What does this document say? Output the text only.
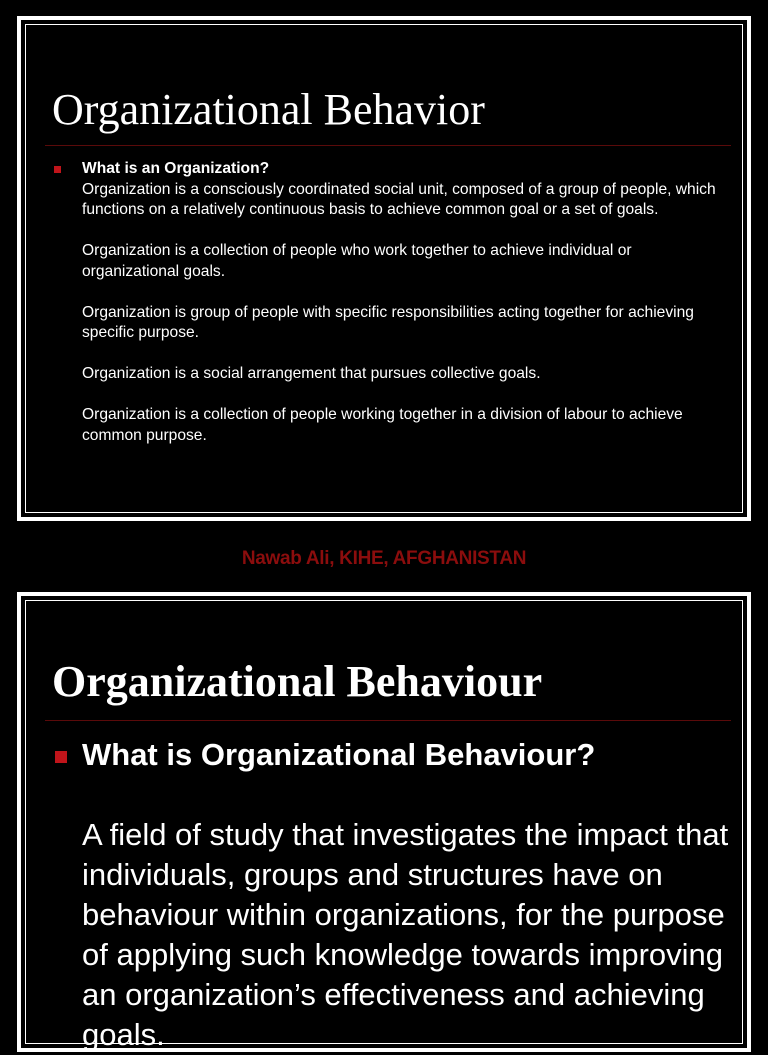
Organizational Behavior

What is an Organization?

Organization is a consciously coordinated social unit, composed of a group of people, which functions on a relatively continuous basis to achieve common goal or a set of goals.

Organization is a collection of people who work together to achieve individual or organizational goals.

Organization is group of people with specific responsibilities acting together for achieving specific purpose.

Organization is a social arrangement that pursues collective goals.

Organization is a collection of people working together in a division of labour to achieve common purpose.

Nawab Ali, KIHE, AFGHANISTAN
Organizational Behaviour

What is Organizational Behaviour?

A field of study that investigates the impact that individuals, groups and structures have on behaviour within organizations, for the purpose of applying such knowledge towards improving an organization’s effectiveness and achieving goals.
